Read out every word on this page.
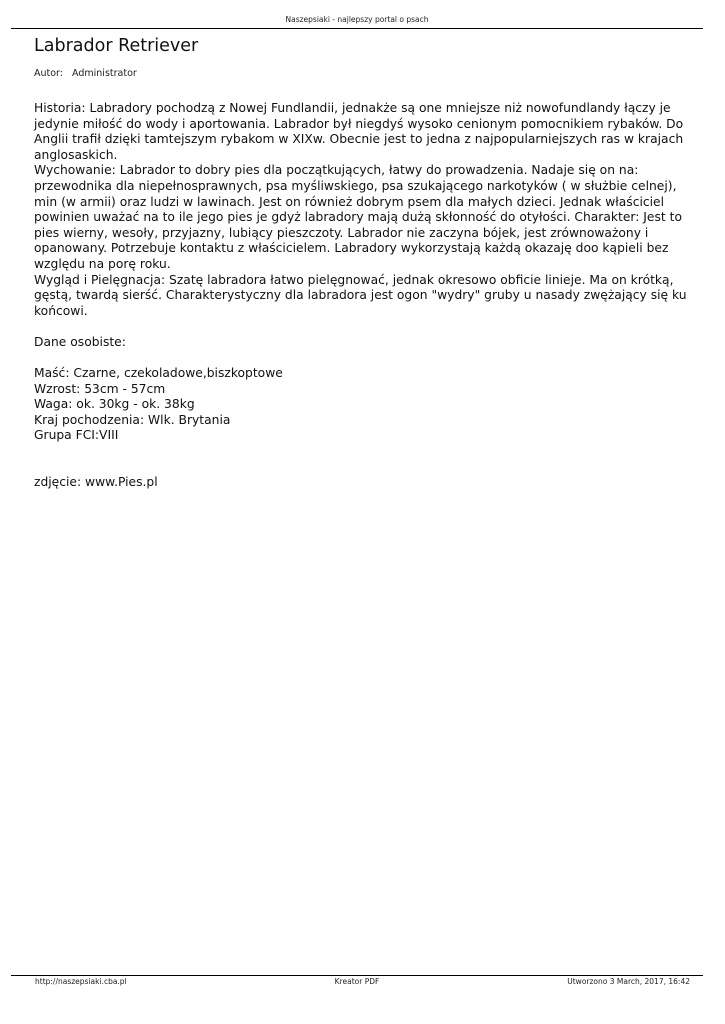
Naszepsiaki - najlepszy portal o psach
Labrador Retriever
Autor: Administrator

Historia: Labradory pochodzą z Nowej Fundlandii, jednakże są one mniejsze niż nowofundlandy łączy je jedynie miłość do wody i aportowania. Labrador był niegdyś wysoko cenionym pomocnikiem rybaków. Do Anglii trafił dzięki tamtejszym rybakom w XIXw. Obecnie jest to jedna z najpopularniejszych ras w krajach anglosaskich.

Wychowanie: Labrador to dobry pies dla początkujących, łatwy do prowadzenia. Nadaje się on na: przewodnika dla niepełnosprawnych, psa myśliwskiego, psa szukającego narkotyków ( w służbie celnej), min (w armii) oraz ludzi w lawinach. Jest on również dobrym psem dla małych dzieci. Jednak właściciel powinien uważać na to ile jego pies je gdyż labradory mają dużą skłonność do otyłości. Charakter: Jest to pies wierny, wesoły, przyjazny, lubiący pieszczoty. Labrador nie zaczyna bójek, jest zrównoważony i opanowany. Potrzebuje kontaktu z właścicielem. Labradory wykorzystają każdą okazaję doo kąpieli bez względu na porę roku.

Wygląd i Pielęgnacja: Szatę labradora łatwo pielęgnować, jednak okresowo obficie linieje. Ma on krótką, gęstą, twardą sierść. Charakterystyczny dla labradora jest ogon "wydry" gruby u nasady zwężający się ku końcowi.

Dane osobiste:

Maść: Czarne, czekoladowe,biszkoptowe

Wzrost: 53cm - 57cm

Waga: ok. 30kg - ok. 38kg

Kraj pochodzenia: Wlk. Brytania

Grupa FCI:VIII

zdjęcie: www.Pies.pl

http://naszepsiaki.cba.pl	Kreator PDF	Utworzono 3 March, 2017, 16:42
